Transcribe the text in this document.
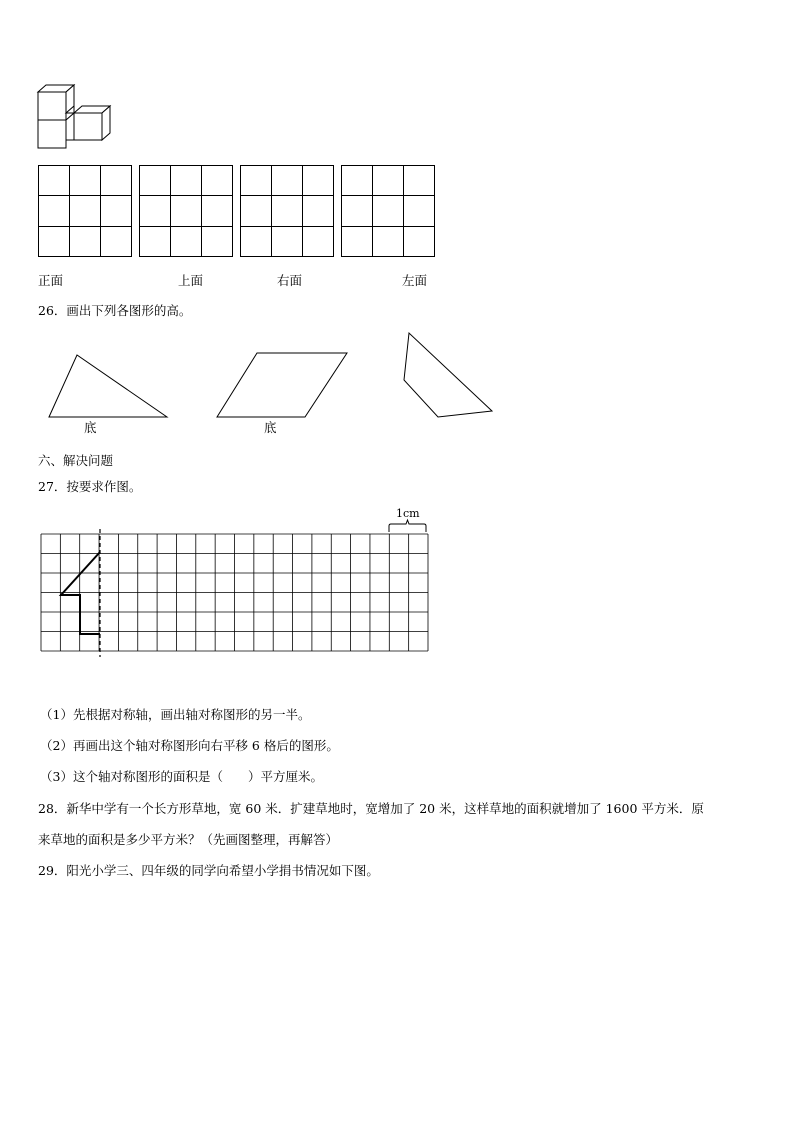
正面	上面	右面	左面
26．画出下列各图形的高。
底	底
六、解决问题
27．按要求作图。
1cm
（1）先根据对称轴，画出轴对称图形的另一半。
（2）再画出这个轴对称图形向右平移 6 格后的图形。
（3）这个轴对称图形的面积是（　　）平方厘米。
28．新华中学有一个长方形草地，宽 60 米．扩建草地时，宽增加了 20 米，这样草地的面积就增加了 1600 平方米．原
来草地的面积是多少平方米？（先画图整理，再解答）
29．阳光小学三、四年级的同学向希望小学捐书情况如下图。
